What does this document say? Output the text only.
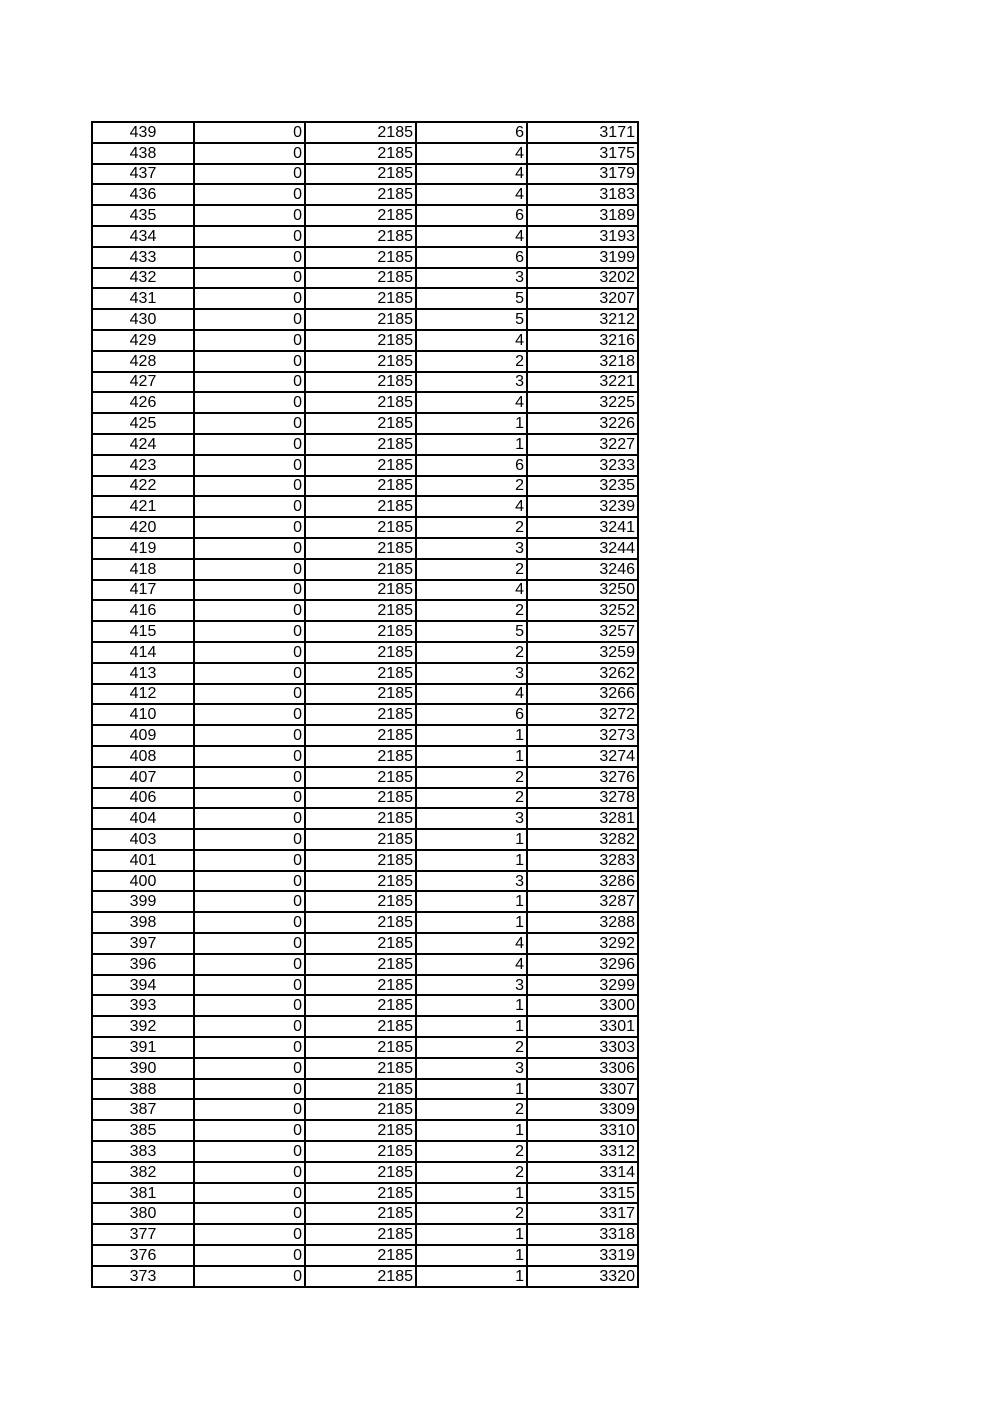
439	0	2185	6	3171
438	0	2185	4	3175
437	0	2185	4	3179
436	0	2185	4	3183
435	0	2185	6	3189
434	0	2185	4	3193
433	0	2185	6	3199
432	0	2185	3	3202
431	0	2185	5	3207
430	0	2185	5	3212
429	0	2185	4	3216
428	0	2185	2	3218
427	0	2185	3	3221
426	0	2185	4	3225
425	0	2185	1	3226
424	0	2185	1	3227
423	0	2185	6	3233
422	0	2185	2	3235
421	0	2185	4	3239
420	0	2185	2	3241
419	0	2185	3	3244
418	0	2185	2	3246
417	0	2185	4	3250
416	0	2185	2	3252
415	0	2185	5	3257
414	0	2185	2	3259
413	0	2185	3	3262
412	0	2185	4	3266
410	0	2185	6	3272
409	0	2185	1	3273
408	0	2185	1	3274
407	0	2185	2	3276
406	0	2185	2	3278
404	0	2185	3	3281
403	0	2185	1	3282
401	0	2185	1	3283
400	0	2185	3	3286
399	0	2185	1	3287
398	0	2185	1	3288
397	0	2185	4	3292
396	0	2185	4	3296
394	0	2185	3	3299
393	0	2185	1	3300
392	0	2185	1	3301
391	0	2185	2	3303
390	0	2185	3	3306
388	0	2185	1	3307
387	0	2185	2	3309
385	0	2185	1	3310
383	0	2185	2	3312
382	0	2185	2	3314
381	0	2185	1	3315
380	0	2185	2	3317
377	0	2185	1	3318
376	0	2185	1	3319
373	0	2185	1	3320
